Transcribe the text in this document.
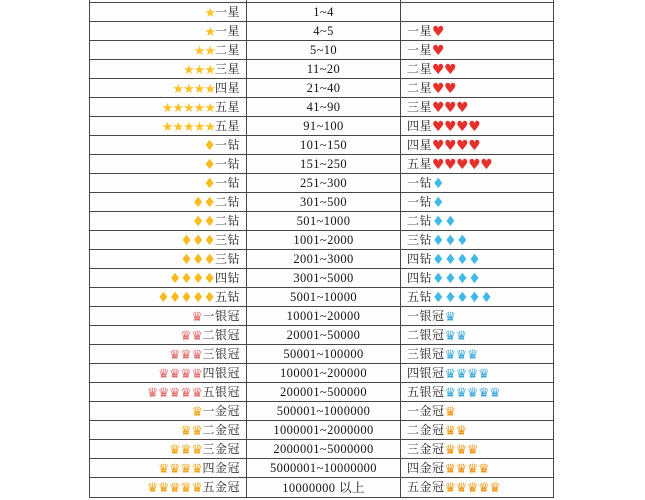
★一星	1~4	
★一星	4~5	一星♥
★★二星	5~10	一星♥
★★★三星	11~20	二星♥♥
★★★★四星	21~40	二星♥♥
★★★★★五星	41~90	三星♥♥♥
★★★★★五星	91~100	四星♥♥♥♥
♦一钻	101~150	四星♥♥♥♥
♦一钻	151~250	五星♥♥♥♥♥
♦一钻	251~300	一钻♦
♦♦二钻	301~500	一钻♦
♦♦二钻	501~1000	二钻♦♦
♦♦♦三钻	1001~2000	三钻♦♦♦
♦♦♦三钻	2001~3000	四钻♦♦♦♦
♦♦♦♦四钻	3001~5000	四钻♦♦♦♦
♦♦♦♦♦五钻	5001~10000	五钻♦♦♦♦♦
♛一银冠	10001~20000	一银冠♛
♛♛二银冠	20001~50000	二银冠♛♛
♛♛♛三银冠	50001~100000	三银冠♛♛♛
♛♛♛♛四银冠	100001~200000	四银冠♛♛♛♛
♛♛♛♛♛五银冠	200001~500000	五银冠♛♛♛♛♛
♛一金冠	500001~1000000	一金冠♛
♛♛二金冠	1000001~2000000	二金冠♛♛
♛♛♛三金冠	2000001~5000000	三金冠♛♛♛
♛♛♛♛四金冠	5000001~10000000	四金冠♛♛♛♛
♛♛♛♛♛五金冠	10000000 以上	五金冠♛♛♛♛♛
